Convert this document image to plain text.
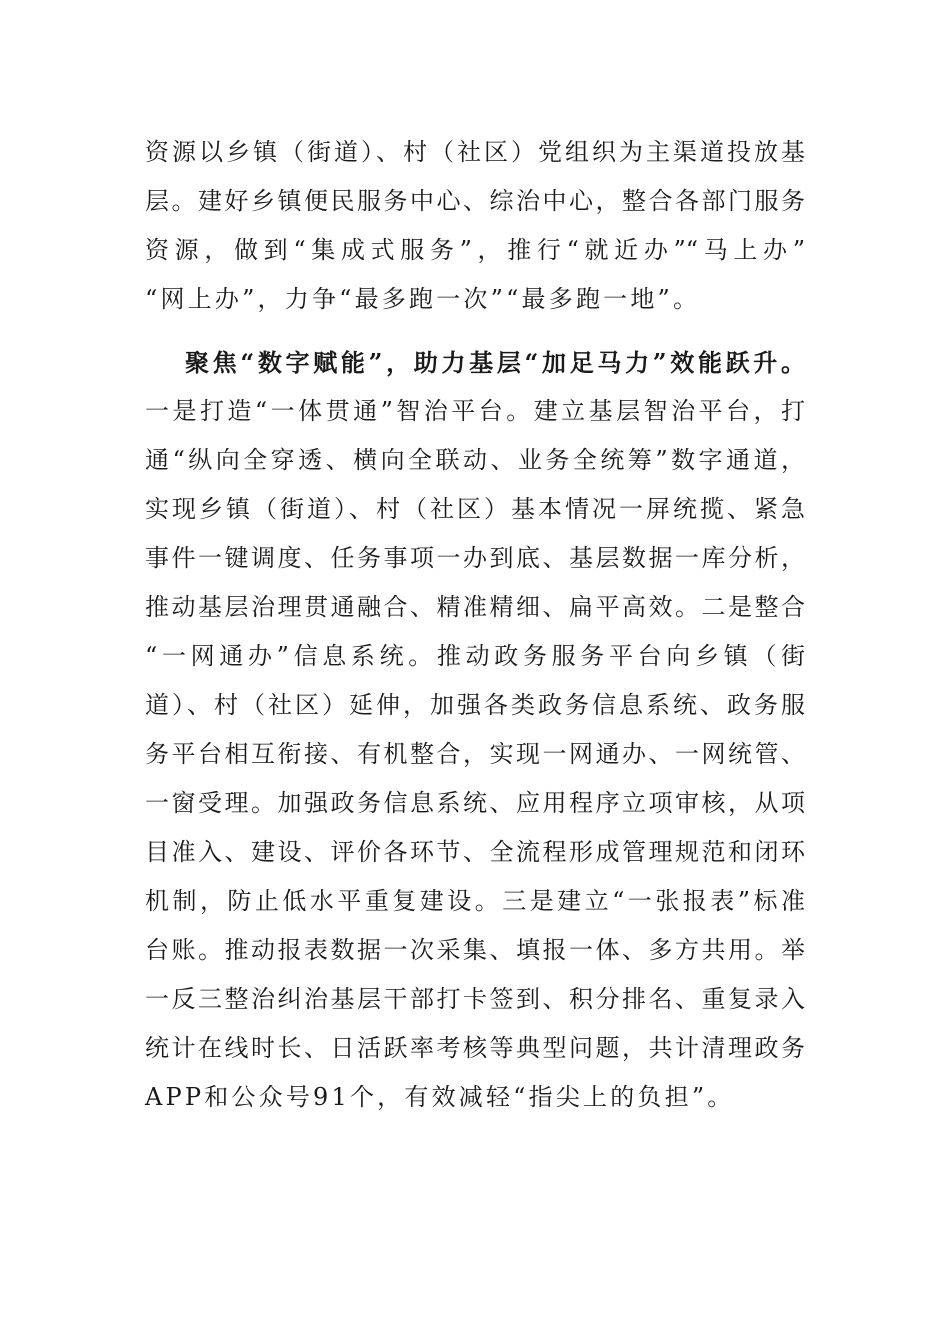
资源以乡镇（街道）、村（社区）党组织为主渠道投放基
层。建好乡镇便民服务中心、综治中心，整合各部门服务
资源，做到“集成式服务”，推行“就近办”“马上办”
“网上办”，力争“最多跑一次”“最多跑一地”。
聚焦“数字赋能”，助力基层“加足马力”效能跃升。
一是打造“一体贯通”智治平台。建立基层智治平台，打
通“纵向全穿透、横向全联动、业务全统筹”数字通道，
实现乡镇（街道）、村（社区）基本情况一屏统揽、紧急
事件一键调度、任务事项一办到底、基层数据一库分析，
推动基层治理贯通融合、精准精细、扁平高效。二是整合
“一网通办”信息系统。推动政务服务平台向乡镇（街
道）、村（社区）延伸，加强各类政务信息系统、政务服
务平台相互衔接、有机整合，实现一网通办、一网统管、
一窗受理。加强政务信息系统、应用程序立项审核，从项
目准入、建设、评价各环节、全流程形成管理规范和闭环
机制，防止低水平重复建设。三是建立“一张报表”标准
台账。推动报表数据一次采集、填报一体、多方共用。举
一反三整治纠治基层干部打卡签到、积分排名、重复录入
统计在线时长、日活跃率考核等典型问题，共计清理政务
APP和公众号91个，有效减轻“指尖上的负担”。
